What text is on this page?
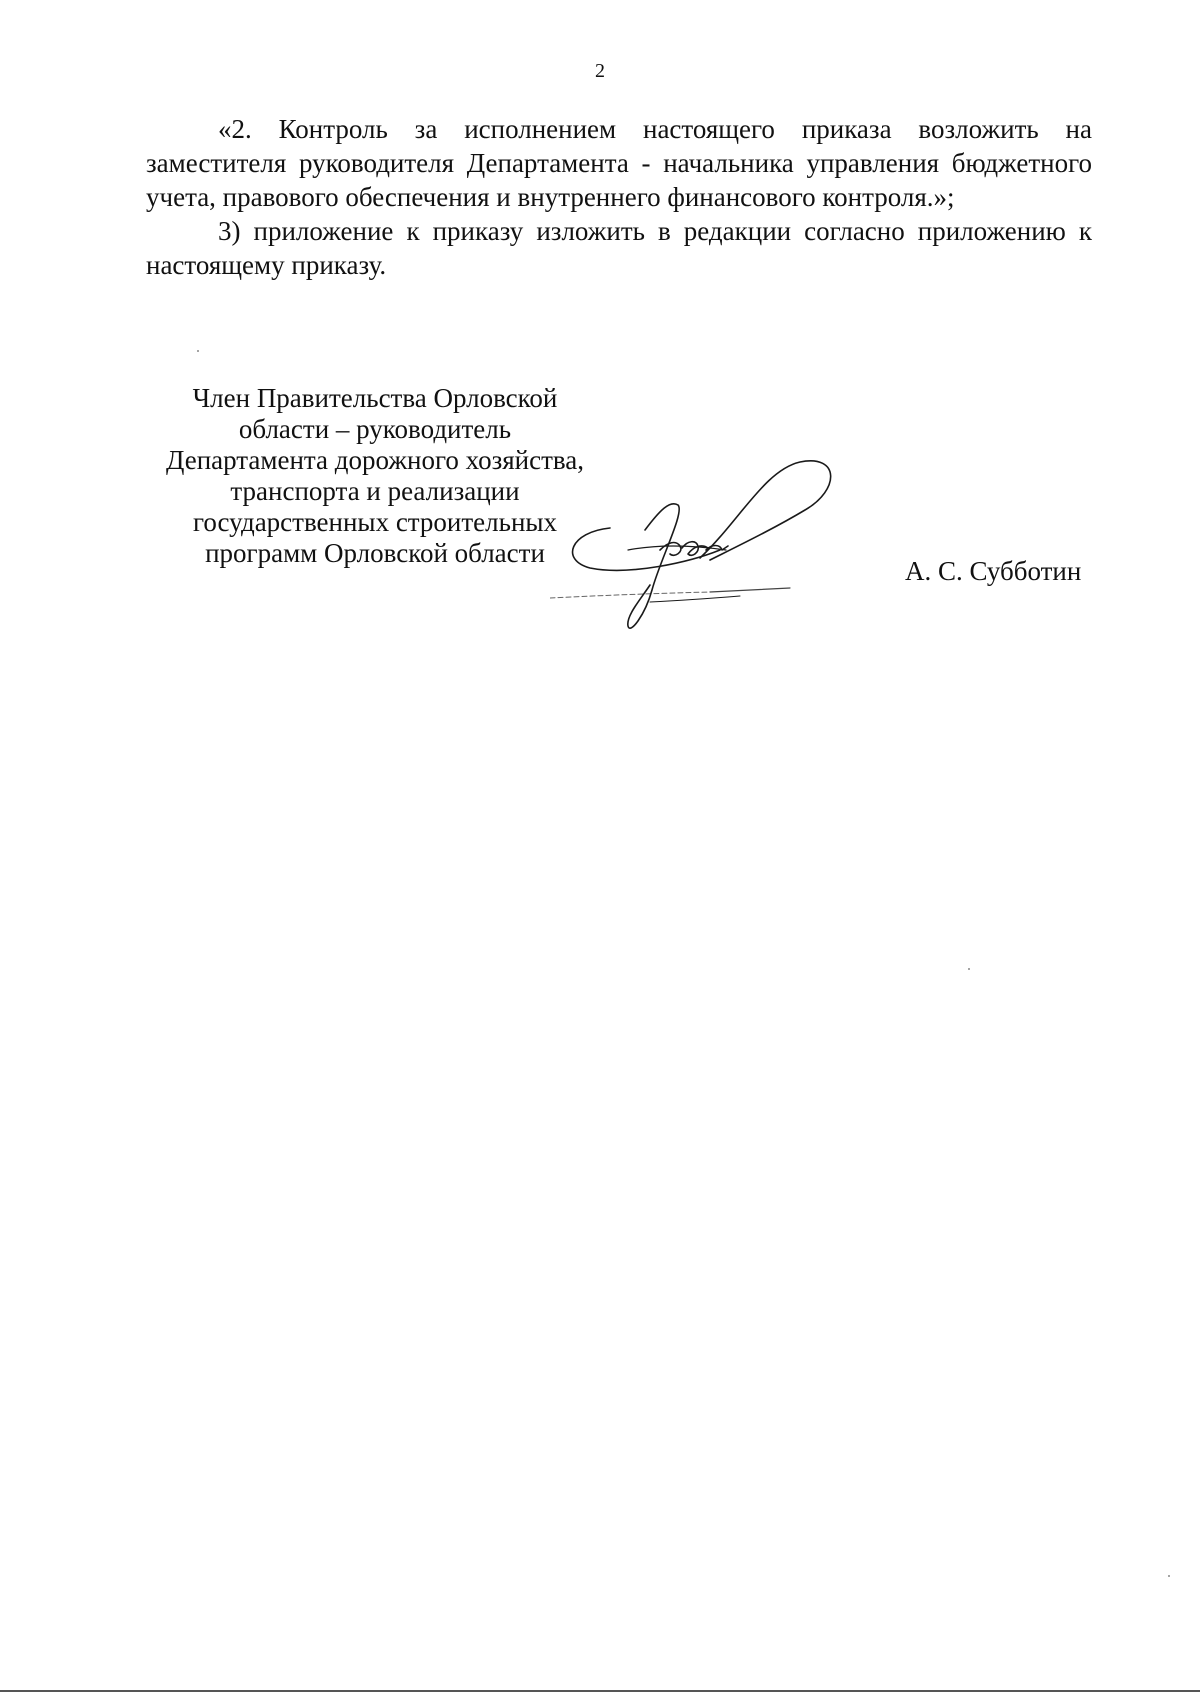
2

«2. Контроль за исполнением настоящего приказа возложить на заместителя руководителя Департамента - начальника управления бюджетного учета, правового обеспечения и внутреннего финансового контроля.»;

3) приложение к приказу изложить в редакции согласно приложению к настоящему приказу.

Член Правительства Орловской
области – руководитель
Департамента дорожного хозяйства,
транспорта и реализации
государственных строительных
программ Орловской области
А. С. Субботин
